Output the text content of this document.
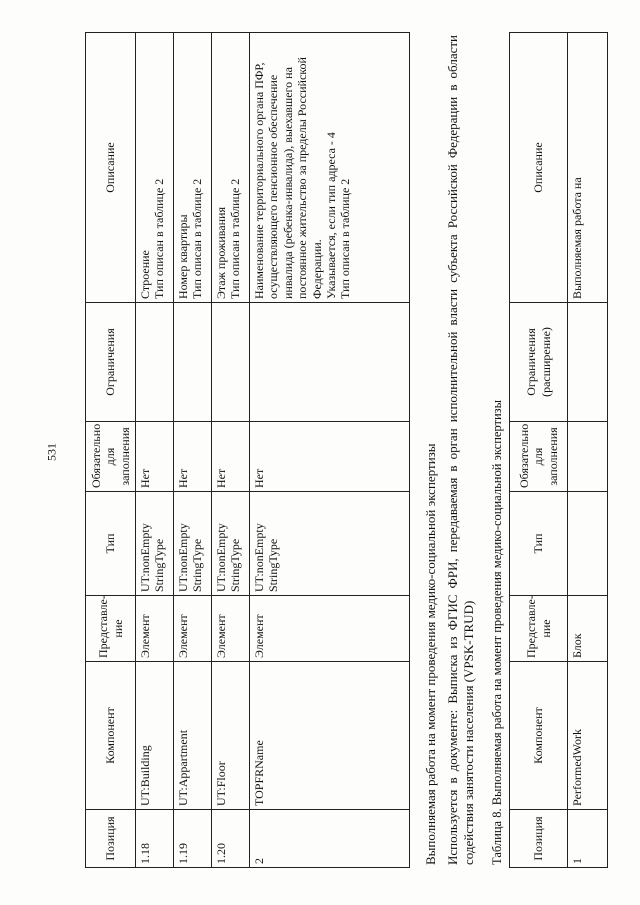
531
Позиция	Компонент	Представле-ние	Тип	Обязательно для заполнения	Ограничения	Описание
1.18	UT:Building	Элемент	UT:nonEmpty StringType	Нет		Строение Тип описан в таблице 2

1.19	UT:Appartment	Элемент	UT:nonEmpty StringType	Нет		Номер квартиры Тип описан в таблице 2

1.20	UT:Floor	Элемент	UT:nonEmpty StringType	Нет		Этаж проживания Тип описан в таблице 2

2	TOPFRName	Элемент	UT:nonEmpty StringType	Нет		Наименование территориального органа ПФР, осуществляющего пенсионное обеспечение инвалида (ребенка-инвалида), выехавшего на постоянное жительство за пределы Российской Федерации. Указывается, если тип адреса - 4 Тип описан в таблице 2
Выполняемая работа на момент проведения медико-социальной экспертизы Используется в документе: Выписка из ФГИС ФРИ, передаваемая в орган исполнительной власти субъекта Российской Федерации в области содействия занятости населения (VPSK-TRUD) Таблица 8. Выполняемая работа на момент проведения медико-социальной экспертизы Позиция	Компонент	Представле-ние	Тип	Обязательно для заполнения	Ограничения (расширение)	Описание
1	PerformedWork	Блок				Выполняемая работа на
